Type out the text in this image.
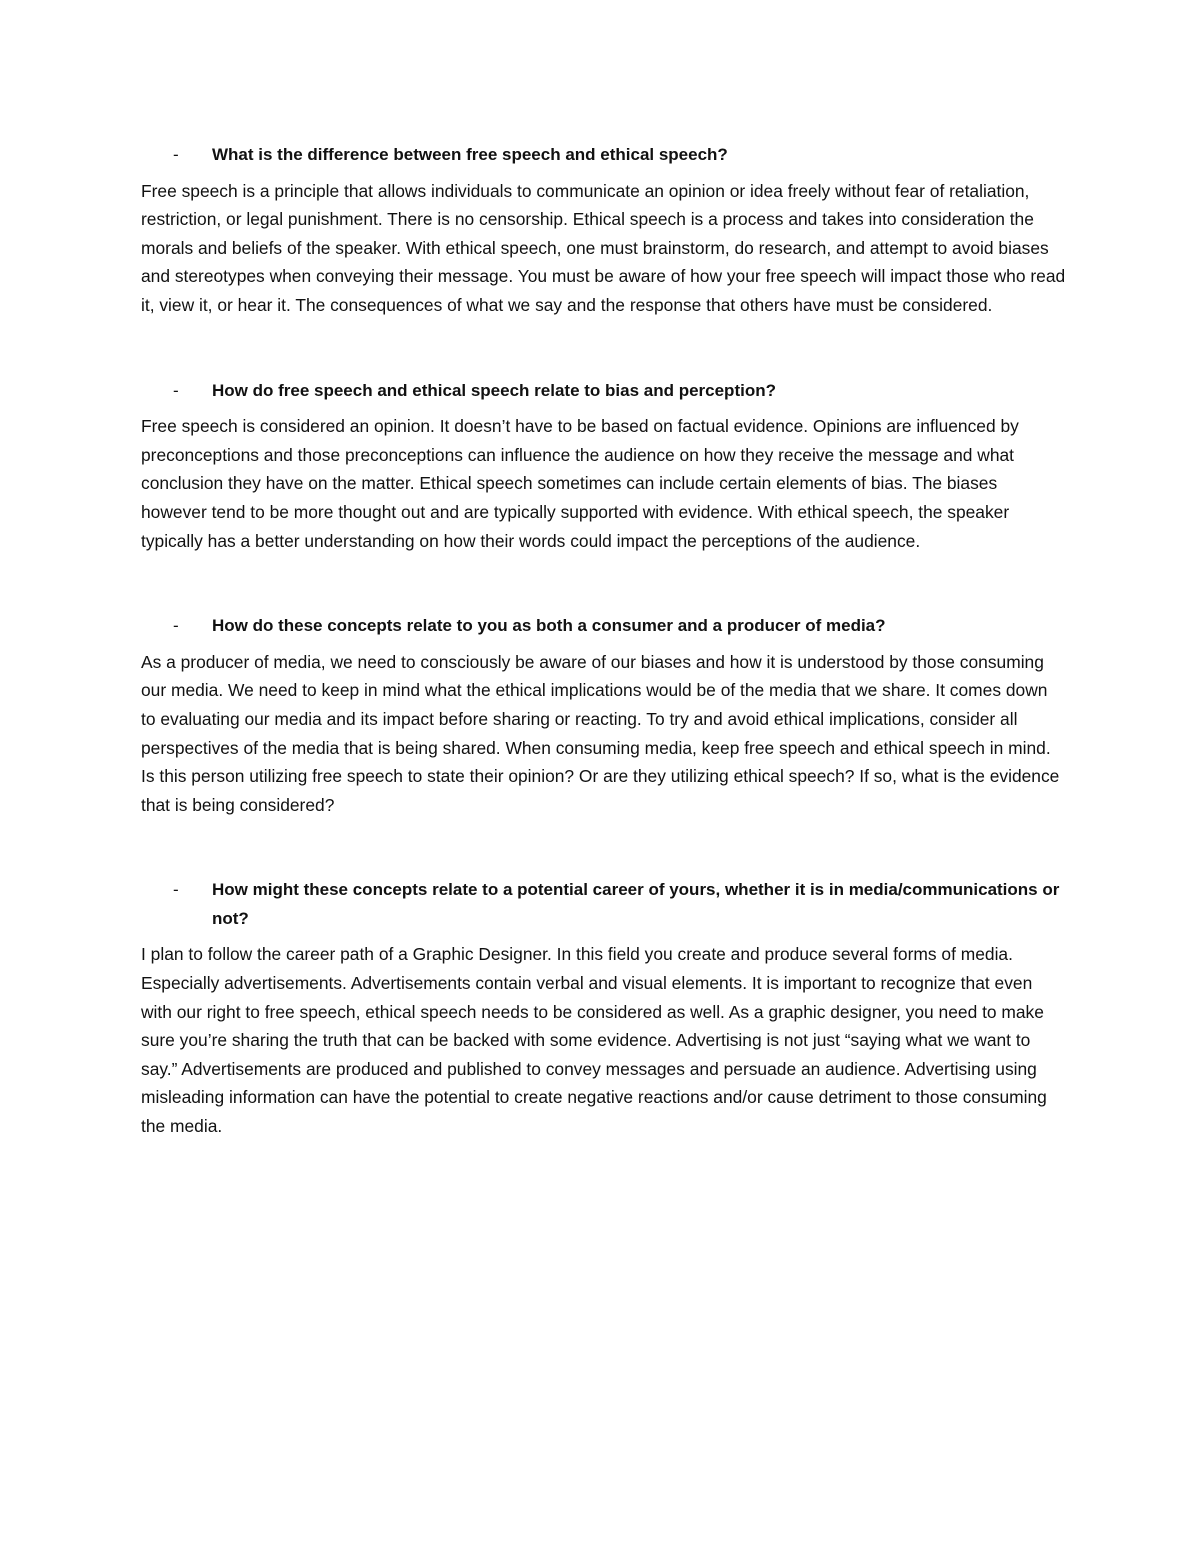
- What is the difference between free speech and ethical speech?

Free speech is a principle that allows individuals to communicate an opinion or idea freely without fear of retaliation, restriction, or legal punishment. There is no censorship. Ethical speech is a process and takes into consideration the morals and beliefs of the speaker. With ethical speech, one must brainstorm, do research, and attempt to avoid biases and stereotypes when conveying their message. You must be aware of how your free speech will impact those who read it, view it, or hear it. The consequences of what we say and the response that others have must be considered.

- How do free speech and ethical speech relate to bias and perception?

Free speech is considered an opinion. It doesn’t have to be based on factual evidence. Opinions are influenced by preconceptions and those preconceptions can influence the audience on how they receive the message and what conclusion they have on the matter. Ethical speech sometimes can include certain elements of bias. The biases however tend to be more thought out and are typically supported with evidence. With ethical speech, the speaker typically has a better understanding on how their words could impact the perceptions of the audience.

- How do these concepts relate to you as both a consumer and a producer of media?

As a producer of media, we need to consciously be aware of our biases and how it is understood by those consuming our media. We need to keep in mind what the ethical implications would be of the media that we share. It comes down to evaluating our media and its impact before sharing or reacting. To try and avoid ethical implications, consider all perspectives of the media that is being shared. When consuming media, keep free speech and ethical speech in mind. Is this person utilizing free speech to state their opinion? Or are they utilizing ethical speech? If so, what is the evidence that is being considered?

- How might these concepts relate to a potential career of yours, whether it is in media/communications or not?

I plan to follow the career path of a Graphic Designer. In this field you create and produce several forms of media. Especially advertisements. Advertisements contain verbal and visual elements. It is important to recognize that even with our right to free speech, ethical speech needs to be considered as well. As a graphic designer, you need to make sure you’re sharing the truth that can be backed with some evidence. Advertising is not just “saying what we want to say.” Advertisements are produced and published to convey messages and persuade an audience. Advertising using misleading information can have the potential to create negative reactions and/or cause detriment to those consuming the media.
